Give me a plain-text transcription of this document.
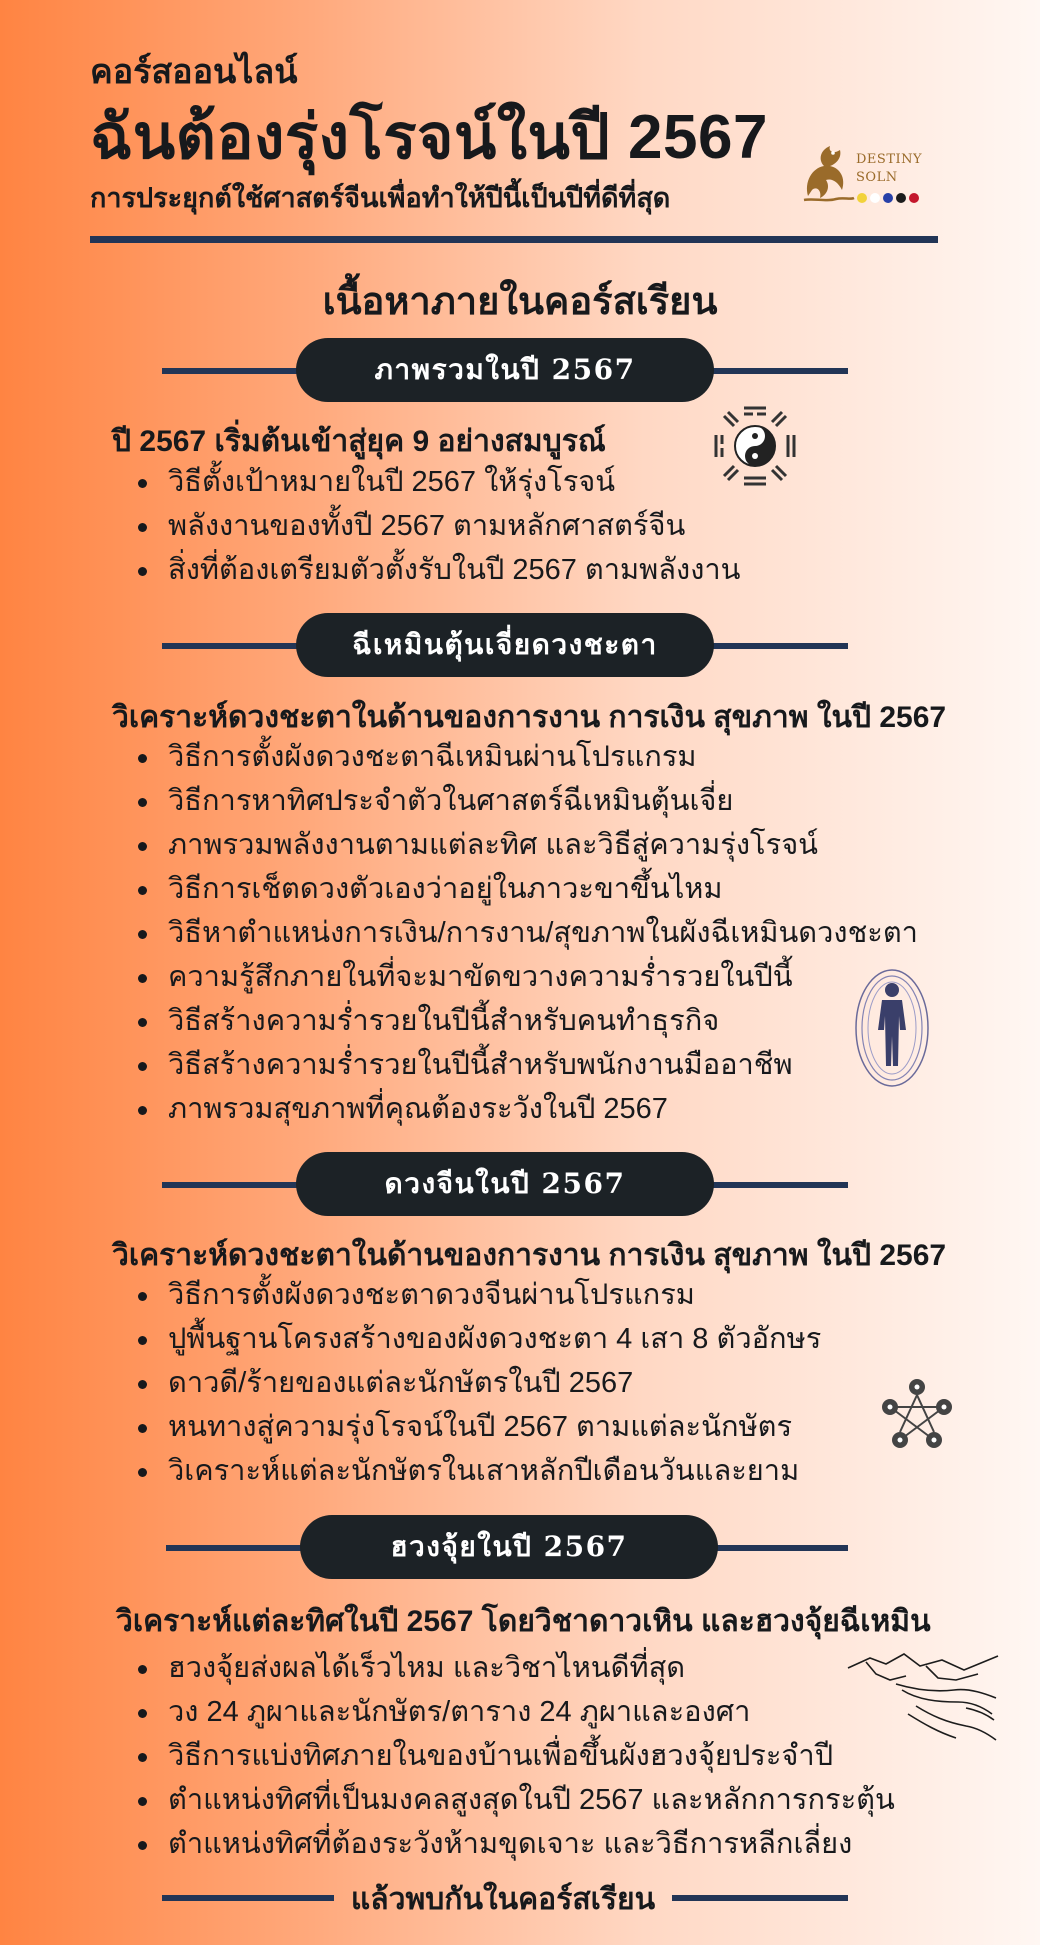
คอร์สออนไลน์
ฉันต้องรุ่งโรจน์ในปี 2567
การประยุกต์ใช้ศาสตร์จีนเพื่อทำให้ปีนี้เป็นปีที่ดีที่สุด
DESTINY
SOLN
เนื้อหาภายในคอร์สเรียน
ภาพรวมในปี 2567
ปี 2567 เริ่มต้นเข้าสู่ยุค 9 อย่างสมบูรณ์
วิธีตั้งเป้าหมายในปี 2567 ให้รุ่งโรจน์
พลังงานของทั้งปี 2567 ตามหลักศาสตร์จีน
สิ่งที่ต้องเตรียมตัวตั้งรับในปี 2567 ตามพลังงาน
ฉีเหมินตุ้นเจี่ยดวงชะตา
วิเคราะห์ดวงชะตาในด้านของการงาน การเงิน สุขภาพ ในปี 2567
วิธีการตั้งผังดวงชะตาฉีเหมินผ่านโปรแกรม
วิธีการหาทิศประจำตัวในศาสตร์ฉีเหมินตุ้นเจี่ย
ภาพรวมพลังงานตามแต่ละทิศ และวิธีสู่ความรุ่งโรจน์
วิธีการเช็ตดวงตัวเองว่าอยู่ในภาวะขาขึ้นไหม
วิธีหาตำแหน่งการเงิน/การงาน/สุขภาพในผังฉีเหมินดวงชะตา
ความรู้สึกภายในที่จะมาขัดขวางความร่ำรวยในปีนี้
วิธีสร้างความร่ำรวยในปีนี้สำหรับคนทำธุรกิจ
วิธีสร้างความร่ำรวยในปีนี้สำหรับพนักงานมืออาชีพ
ภาพรวมสุขภาพที่คุณต้องระวังในปี 2567
ดวงจีนในปี 2567
วิเคราะห์ดวงชะตาในด้านของการงาน การเงิน สุขภาพ ในปี 2567
วิธีการตั้งผังดวงชะตาดวงจีนผ่านโปรแกรม
ปูพื้นฐานโครงสร้างของผังดวงชะตา 4 เสา 8 ตัวอักษร
ดาวดี/ร้ายของแต่ละนักษัตรในปี 2567
หนทางสู่ความรุ่งโรจน์ในปี 2567 ตามแต่ละนักษัตร
วิเคราะห์แต่ละนักษัตรในเสาหลักปีเดือนวันและยาม
ฮวงจุ้ยในปี 2567
วิเคราะห์แต่ละทิศในปี 2567 โดยวิชาดาวเหิน และฮวงจุ้ยฉีเหมิน
ฮวงจุ้ยส่งผลได้เร็วไหม และวิชาไหนดีที่สุด
วง 24 ภูผาและนักษัตร/ตาราง 24 ภูผาและองศา
วิธีการแบ่งทิศภายในของบ้านเพื่อขึ้นผังฮวงจุ้ยประจำปี
ตำแหน่งทิศที่เป็นมงคลสูงสุดในปี 2567 และหลักการกระตุ้น
ตำแหน่งทิศที่ต้องระวังห้ามขุดเจาะ และวิธีการหลีกเลี่ยง
แล้วพบกันในคอร์สเรียน
